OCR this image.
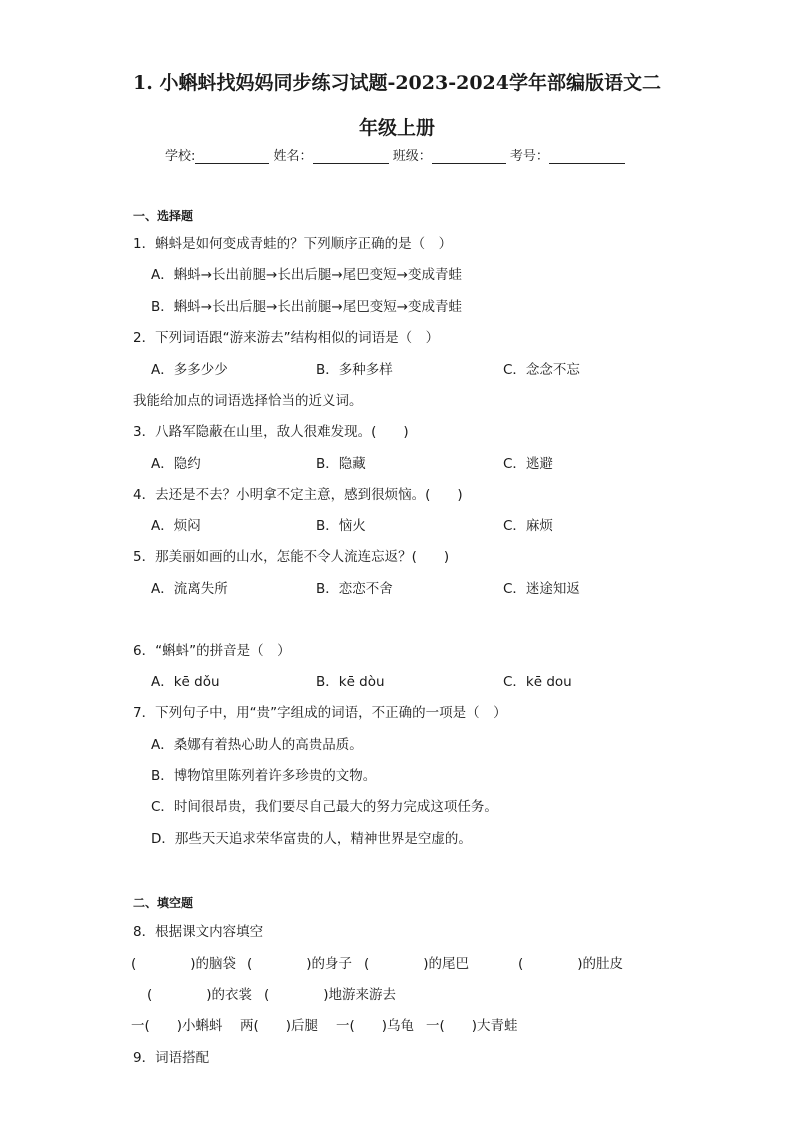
1. 小蝌蚪找妈妈同步练习试题-2023-2024学年部编版语文二
年级上册
学校:	姓名：	班级：	考号：
一、选择题
1．蝌蚪是如何变成青蛙的？下列顺序正确的是（　）
A．蝌蚪→长出前腿→长出后腿→尾巴变短→变成青蛙
B．蝌蚪→长出后腿→长出前腿→尾巴变短→变成青蛙
2．下列词语跟“游来游去”结构相似的词语是（　）
A．多多少少	B．多种多样	C．念念不忘
我能给加点的词语选择恰当的近义词。
3．八路军隐蔽在山里，敌人很难发现。(　　)
A．隐约	B．隐藏	C．逃避
4．去还是不去？小明拿不定主意，感到很烦恼。(　　)
A．烦闷	B．恼火	C．麻烦
5．那美丽如画的山水，怎能不令人流连忘返？(　　)
A．流离失所	B．恋恋不舍	C．迷途知返
6．“蝌蚪”的拼音是（　）
A．kē dǒu	B．kē dòu	C．kē dou
7．下列句子中，用“贵”字组成的词语，不正确的一项是（　）
A．桑娜有着热心助人的高贵品质。
B．博物馆里陈列着许多珍贵的文物。
C．时间很昂贵，我们要尽自己最大的努力完成这项任务。
D．那些天天追求荣华富贵的人，精神世界是空虚的。
二、填空题
8．根据课文内容填空
(　　　　)的脑袋 (　　　　)的身子 (　　　　)的尾巴	(　　　　)的肚皮
(　　　　)的衣裳 (　　　　)地游来游去
一(　　)小蝌蚪 两(　　)后腿 一(　　)乌龟 一(　　)大青蛙
9．词语搭配
